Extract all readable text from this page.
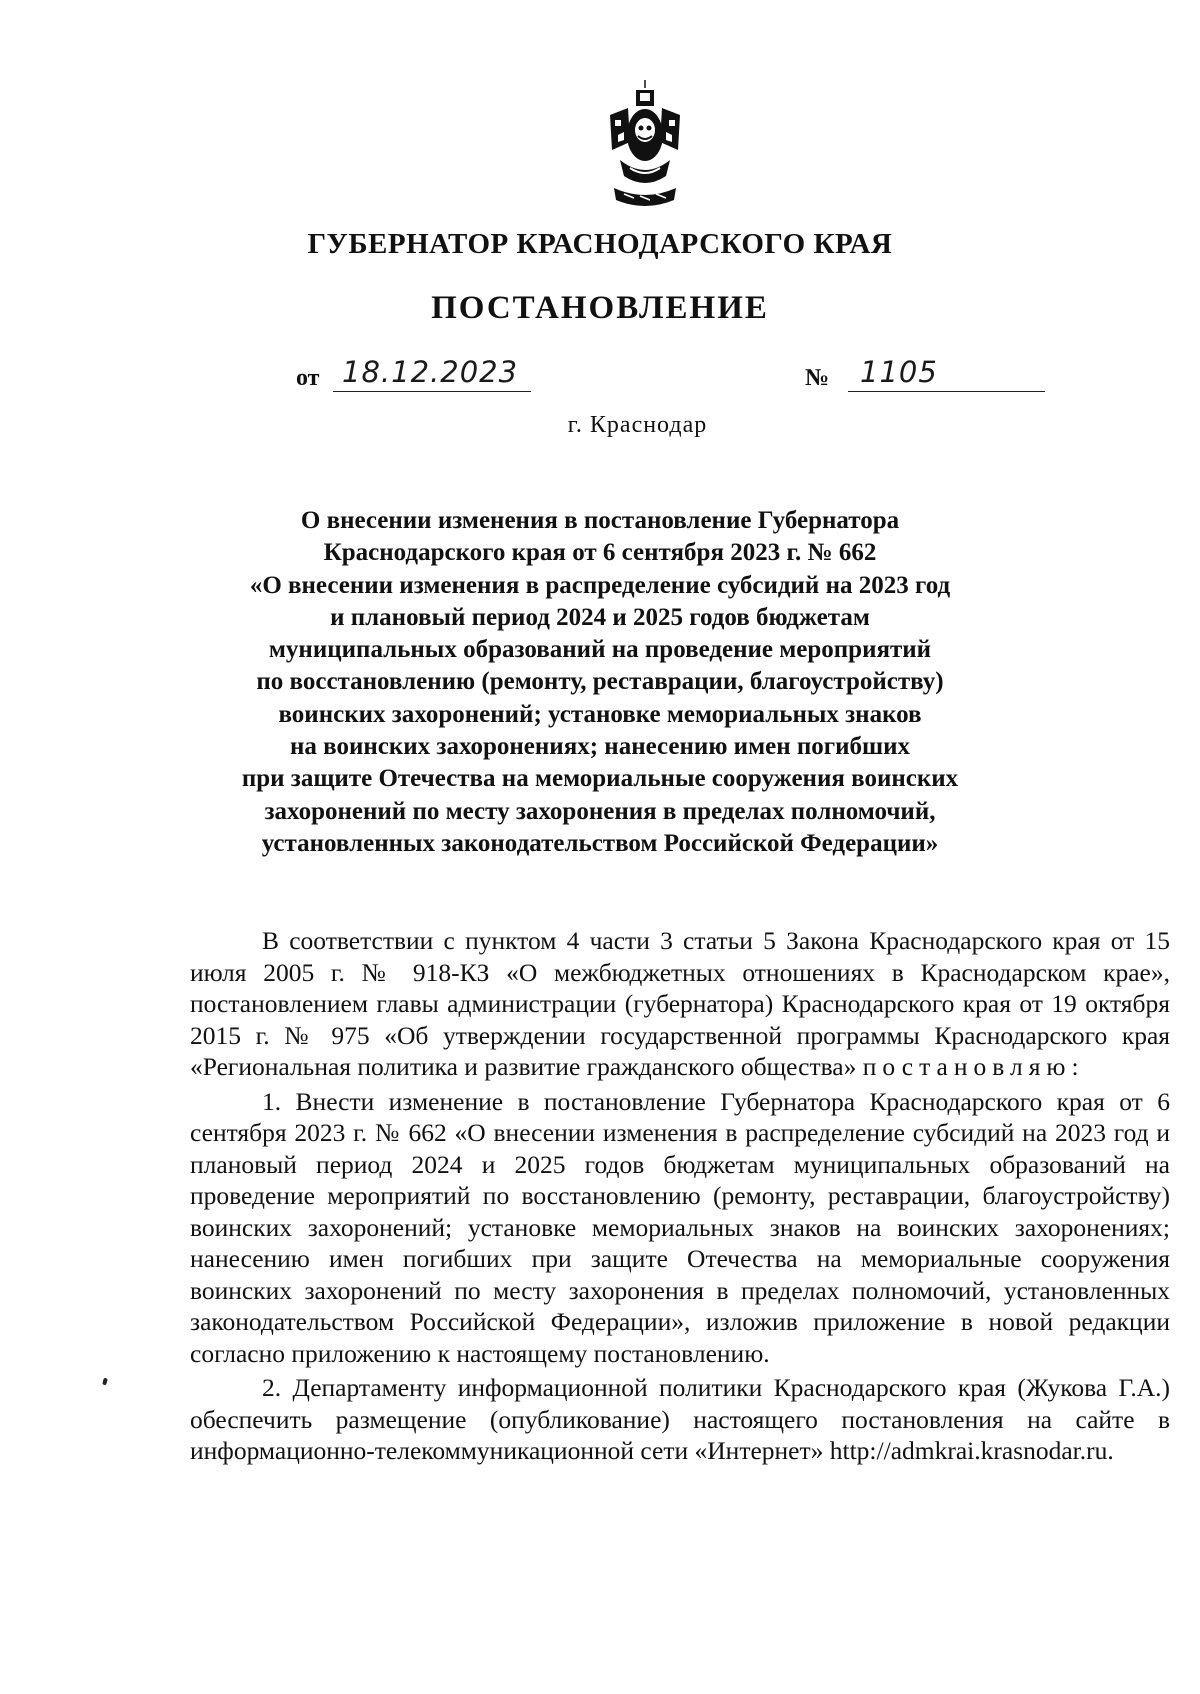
ГУБЕРНАТОР КРАСНОДАРСКОГО КРАЯ
ПОСТАНОВЛЕНИЕ
от 18.12.2023	№ 1105
г. Краснодар
О внесении изменения в постановление Губернатора
Краснодарского края от 6 сентября 2023 г. № 662
«О внесении изменения в распределение субсидий на 2023 год
и плановый период 2024 и 2025 годов бюджетам
муниципальных образований на проведение мероприятий
по восстановлению (ремонту, реставрации, благоустройству)
воинских захоронений; установке мемориальных знаков
на воинских захоронениях; нанесению имен погибших
при защите Отечества на мемориальные сооружения воинских
захоронений по месту захоронения в пределах полномочий,
установленных законодательством Российской Федерации»

В соответствии с пунктом 4 части 3 статьи 5 Закона Краснодарского края от 15 июля 2005 г. № 918-КЗ «О межбюджетных отношениях в Краснодарском крае», постановлением главы администрации (губернатора) Краснодарского края от 19 октября 2015 г. № 975 «Об утверждении государственной программы Краснодарского края «Региональная политика и развитие гражданского общества» постановляю:

1. Внести изменение в постановление Губернатора Краснодарского края от 6 сентября 2023 г. № 662 «О внесении изменения в распределение субсидий на 2023 год и плановый период 2024 и 2025 годов бюджетам муниципальных образований на проведение мероприятий по восстановлению (ремонту, реставрации, благоустройству) воинских захоронений; установке мемориальных знаков на воинских захоронениях; нанесению имен погибших при защите Отечества на мемориальные сооружения воинских захоронений по месту захоронения в пределах полномочий, установленных законодательством Российской Федерации», изложив приложение в новой редакции согласно приложению к настоящему постановлению.

2. Департаменту информационной политики Краснодарского края (Жукова Г.А.) обеспечить размещение (опубликование) настоящего постановления на сайте в информационно-телекоммуникационной сети «Интернет» http://admkrai.krasnodar.ru.
